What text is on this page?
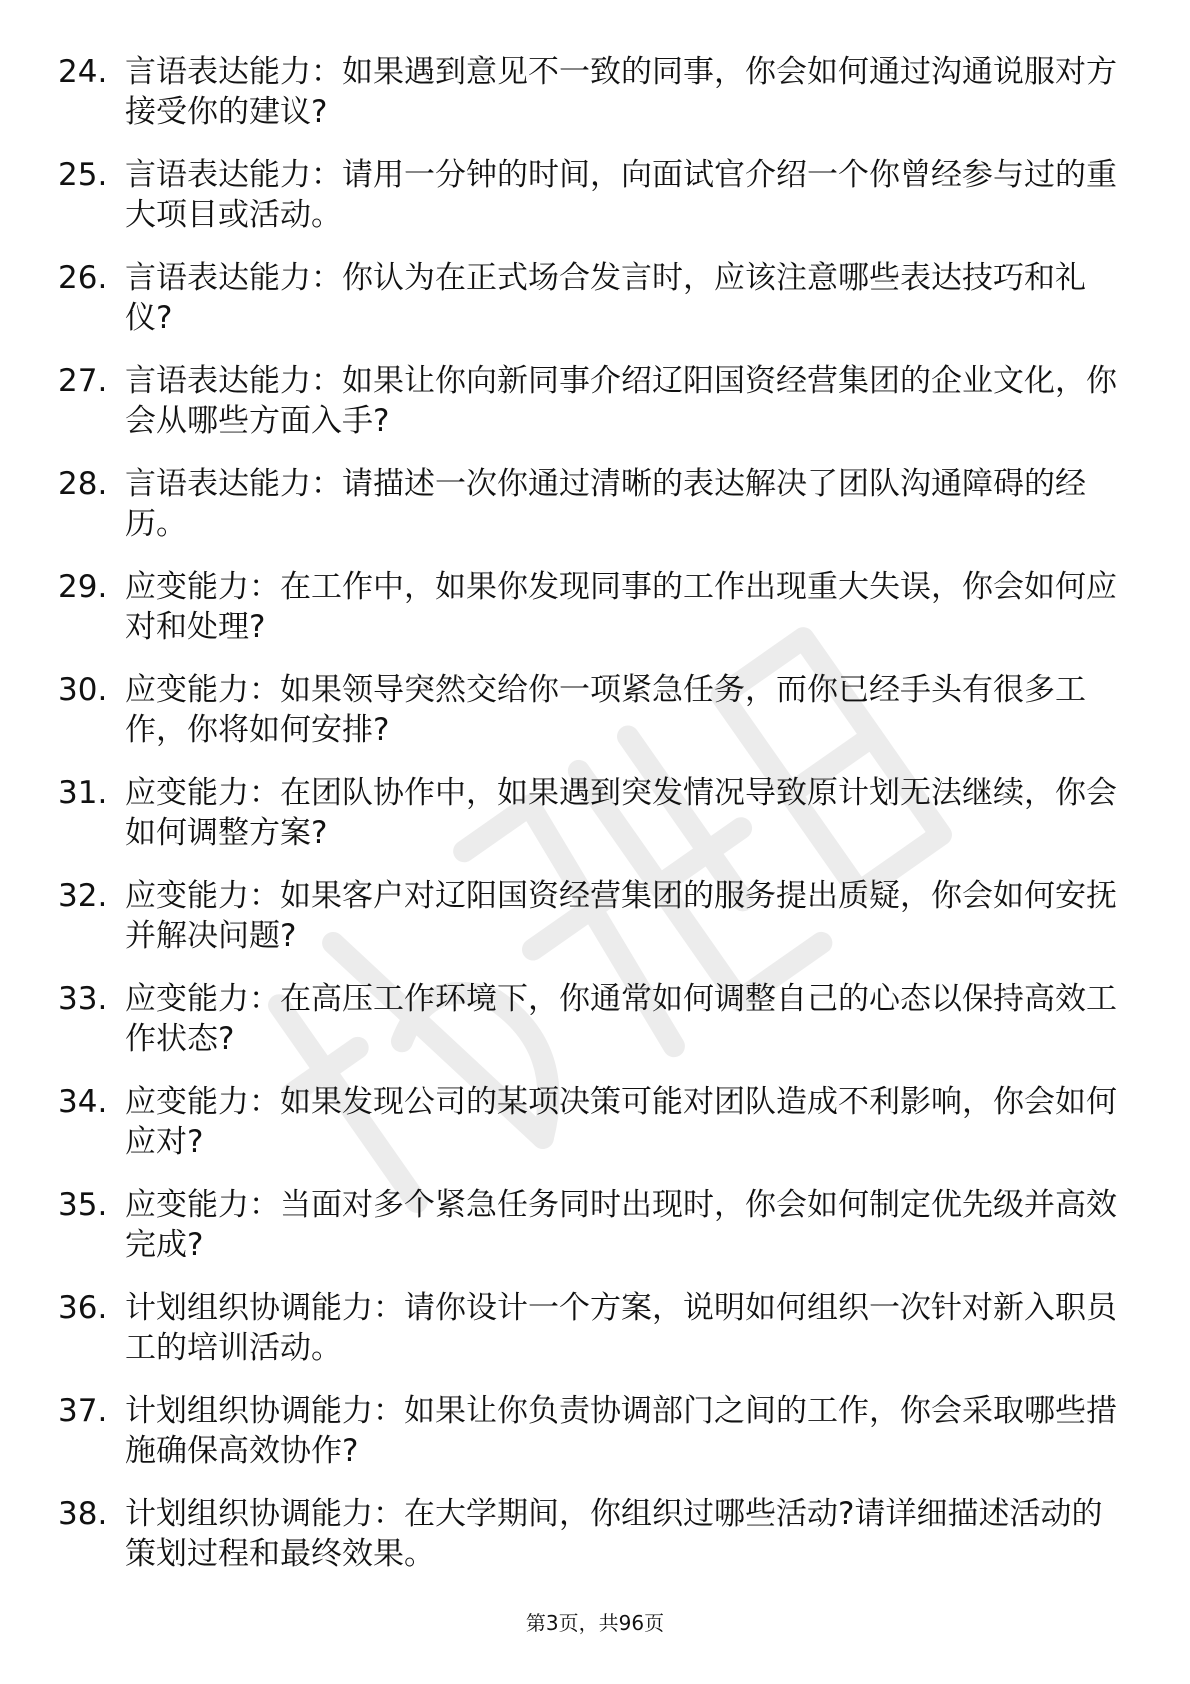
24. 言语表达能力：如果遇到意见不一致的同事，你会如何通过沟通说服对方接受你的建议?
25. 言语表达能力：请用一分钟的时间，向面试官介绍一个你曾经参与过的重大项目或活动。
26. 言语表达能力：你认为在正式场合发言时，应该注意哪些表达技巧和礼仪?
27. 言语表达能力：如果让你向新同事介绍辽阳国资经营集团的企业文化，你会从哪些方面入手?
28. 言语表达能力：请描述一次你通过清晰的表达解决了团队沟通障碍的经历。
29. 应变能力：在工作中，如果你发现同事的工作出现重大失误，你会如何应对和处理?
30. 应变能力：如果领导突然交给你一项紧急任务，而你已经手头有很多工作，你将如何安排?
31. 应变能力：在团队协作中，如果遇到突发情况导致原计划无法继续，你会如何调整方案?
32. 应变能力：如果客户对辽阳国资经营集团的服务提出质疑，你会如何安抚并解决问题?
33. 应变能力：在高压工作环境下，你通常如何调整自己的心态以保持高效工作状态?
34. 应变能力：如果发现公司的某项决策可能对团队造成不利影响，你会如何应对?
35. 应变能力：当面对多个紧急任务同时出现时，你会如何制定优先级并高效完成?
36. 计划组织协调能力：请你设计一个方案，说明如何组织一次针对新入职员工的培训活动。
37. 计划组织协调能力：如果让你负责协调部门之间的工作，你会采取哪些措施确保高效协作?
38. 计划组织协调能力：在大学期间，你组织过哪些活动?请详细描述活动的策划过程和最终效果。
第3页，共96页
